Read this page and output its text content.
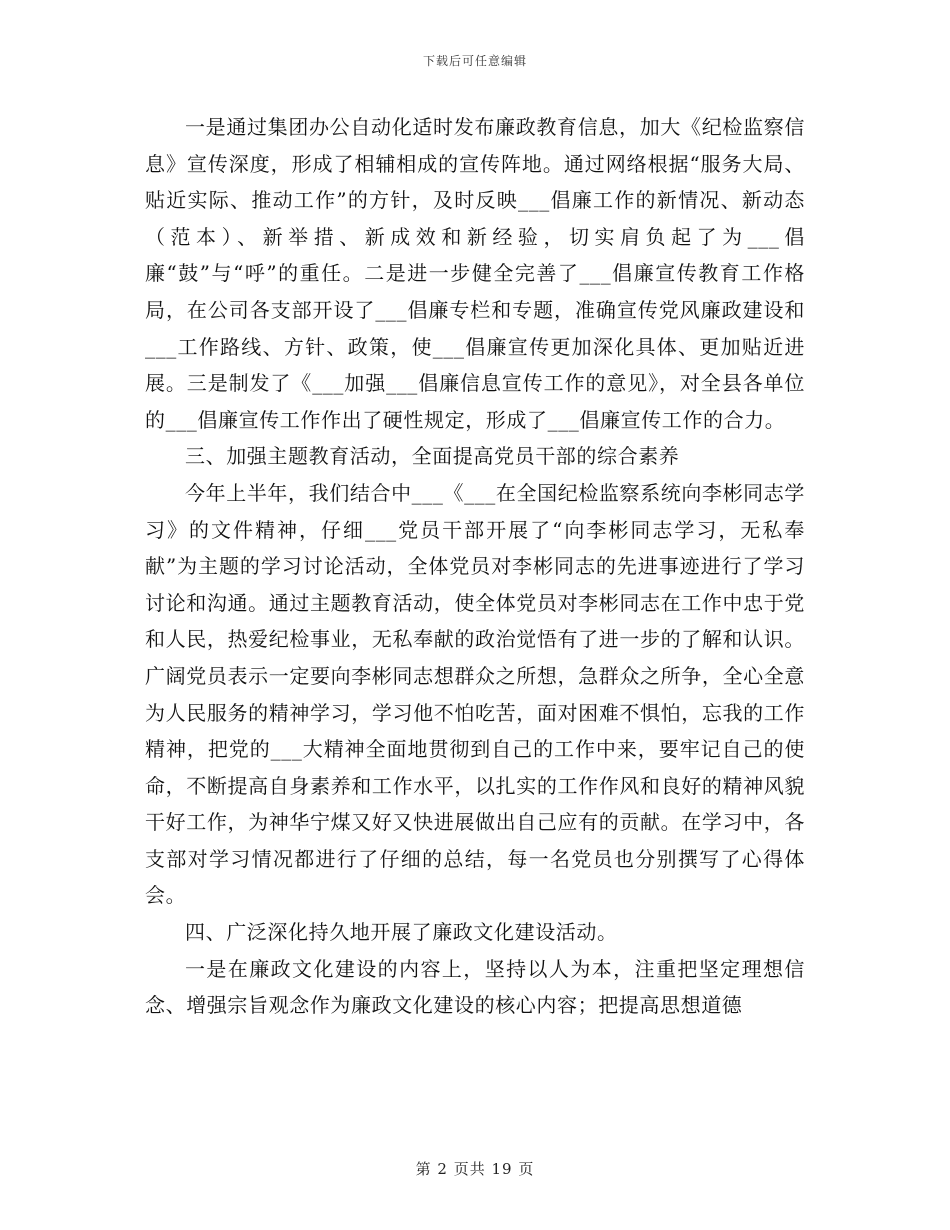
下载后可任意编辑

一是通过集团办公自动化适时发布廉政教育信息，加大《纪检监察信息》宣传深度，形成了相辅相成的宣传阵地。通过网络根据“服务大局、贴近实际、推动工作”的方针，及时反映___倡廉工作的新情况、新动态（范本）、新举措、新成效和新经验，切实肩负起了为___倡廉“鼓”与“呼”的重任。二是进一步健全完善了___倡廉宣传教育工作格局，在公司各支部开设了___倡廉专栏和专题，准确宣传党风廉政建设和___工作路线、方针、政策，使___倡廉宣传更加深化具体、更加贴近进展。三是制发了《___加强___倡廉信息宣传工作的意见》，对全县各单位的___倡廉宣传工作作出了硬性规定，形成了___倡廉宣传工作的合力。

三、加强主题教育活动，全面提高党员干部的综合素养

今年上半年，我们结合中___《___在全国纪检监察系统向李彬同志学习》的文件精神，仔细___党员干部开展了“向李彬同志学习，无私奉献”为主题的学习讨论活动，全体党员对李彬同志的先进事迹进行了学习讨论和沟通。通过主题教育活动，使全体党员对李彬同志在工作中忠于党和人民，热爱纪检事业，无私奉献的政治觉悟有了进一步的了解和认识。广阔党员表示一定要向李彬同志想群众之所想，急群众之所争，全心全意为人民服务的精神学习，学习他不怕吃苦，面对困难不惧怕，忘我的工作精神，把党的___大精神全面地贯彻到自己的工作中来，要牢记自己的使命，不断提高自身素养和工作水平，以扎实的工作作风和良好的精神风貌干好工作，为神华宁煤又好又快进展做出自己应有的贡献。在学习中，各支部对学习情况都进行了仔细的总结，每一名党员也分别撰写了心得体会。

四、广泛深化持久地开展了廉政文化建设活动。

一是在廉政文化建设的内容上，坚持以人为本，注重把坚定理想信念、增强宗旨观念作为廉政文化建设的核心内容；把提高思想道德

第 2 页共 19 页
